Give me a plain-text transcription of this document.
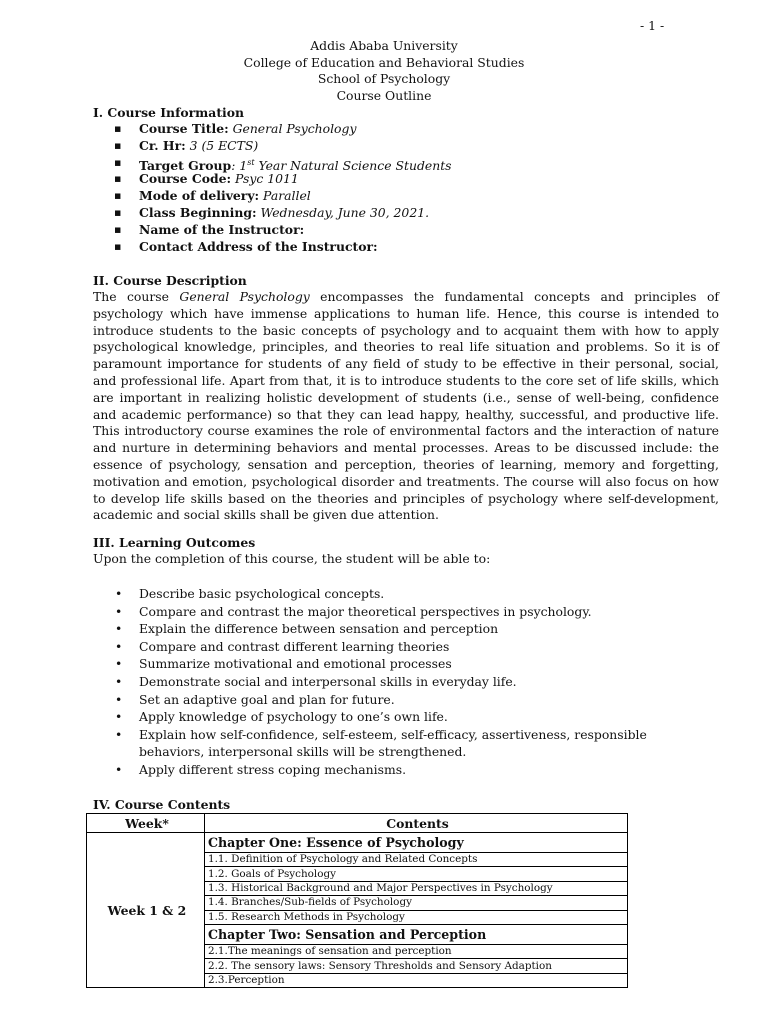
- 1 -
Addis Ababa University
College of Education and Behavioral Studies
School of Psychology
Course Outline
I. Course Information
▪ Course Title: General Psychology
▪ Cr. Hr: 3 (5 ECTS)
▪ Target Group: 1st Year Natural Science Students
▪ Course Code: Psyc 1011
▪ Mode of delivery: Parallel
▪ Class Beginning: Wednesday, June 30, 2021.
▪ Name of the Instructor:
▪ Contact Address of the Instructor:
II. Course Description

The course General Psychology encompasses the fundamental concepts and principles of psychology which have immense applications to human life. Hence, this course is intended to introduce students to the basic concepts of psychology and to acquaint them with how to apply psychological knowledge, principles, and theories to real life situation and problems. So it is of paramount importance for students of any field of study to be effective in their personal, social, and professional life. Apart from that, it is to introduce students to the core set of life skills, which are important in realizing holistic development of students (i.e., sense of well-being, confidence and academic performance) so that they can lead happy, healthy, successful, and productive life. This introductory course examines the role of environmental factors and the interaction of nature and nurture in determining behaviors and mental processes. Areas to be discussed include: the essence of psychology, sensation and perception, theories of learning, memory and forgetting, motivation and emotion, psychological disorder and treatments. The course will also focus on how to develop life skills based on the theories and principles of psychology where self-development, academic and social skills shall be given due attention.

III. Learning Outcomes
Upon the completion of this course, the student will be able to:
• Describe basic psychological concepts.
• Compare and contrast the major theoretical perspectives in psychology.
• Explain the difference between sensation and perception
• Compare and contrast different learning theories
• Summarize motivational and emotional processes
• Demonstrate social and interpersonal skills in everyday life.
• Set an adaptive goal and plan for future.
• Apply knowledge of psychology to one’s own life.
• Explain how self-confidence, self-esteem, self-efficacy, assertiveness, responsible behaviors, interpersonal skills will be strengthened.
• Apply different stress coping mechanisms.
IV. Course Contents
Week*	Contents
Week 1 & 2	Chapter One: Essence of Psychology
	1.1. Definition of Psychology and Related Concepts
	1.2. Goals of Psychology
	1.3. Historical Background and Major Perspectives in Psychology
	1.4. Branches/Sub-fields of Psychology
	1.5. Research Methods in Psychology
	Chapter Two: Sensation and Perception
	2.1.The meanings of sensation and perception
	2.2. The sensory laws: Sensory Thresholds and Sensory Adaption
	2.3.Perception
